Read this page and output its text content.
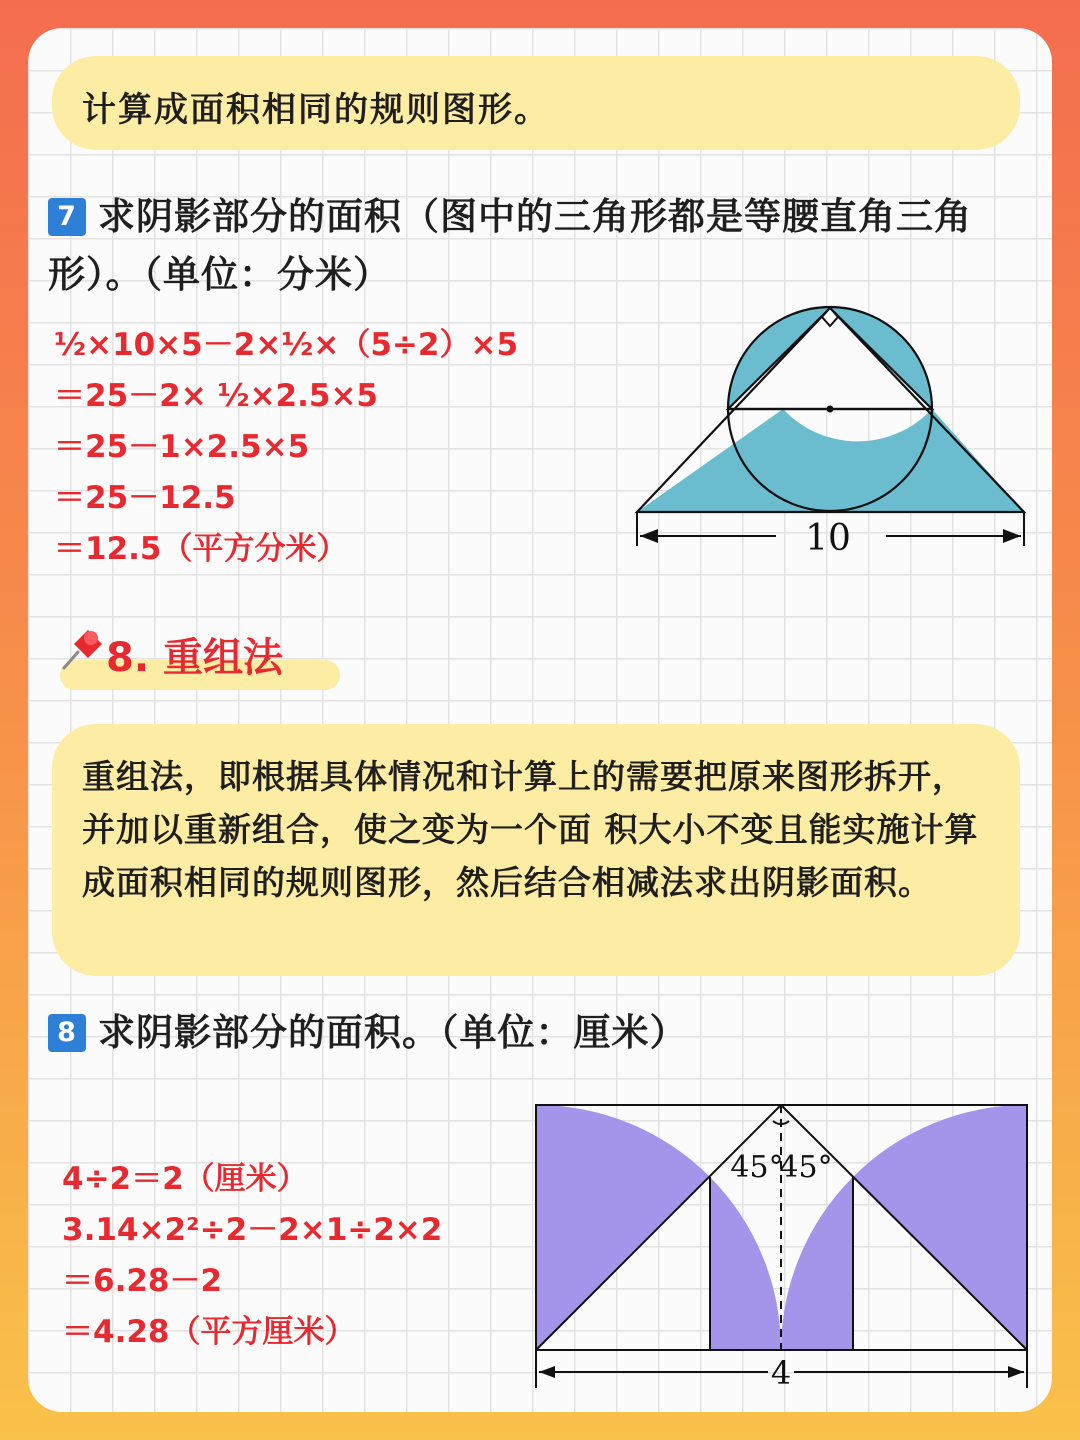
计算成面积相同的规则图形。
7 求阴影部分的面积（图中的三角形都是等腰直角三角形）。（单位：分米）
½×10×5－2×½×（5÷2）×5
＝25－2× ½×2.5×5
＝25－1×2.5×5
＝25－12.5
＝12.5（平方分米）	10
8. 重组法

重组法，即根据具体情况和计算上的需要把原来图形拆开，并加以重新组合，使之变为一个面 积大小不变且能实施计算成面积相同的规则图形，然后结合相减法求出阴影面积。

8 求阴影部分的面积。（单位：厘米）
4÷2＝2（厘米）
3.14×2²÷2－2×1÷2×2
＝6.28－2
＝4.28（平方厘米）
45°
45°
4
